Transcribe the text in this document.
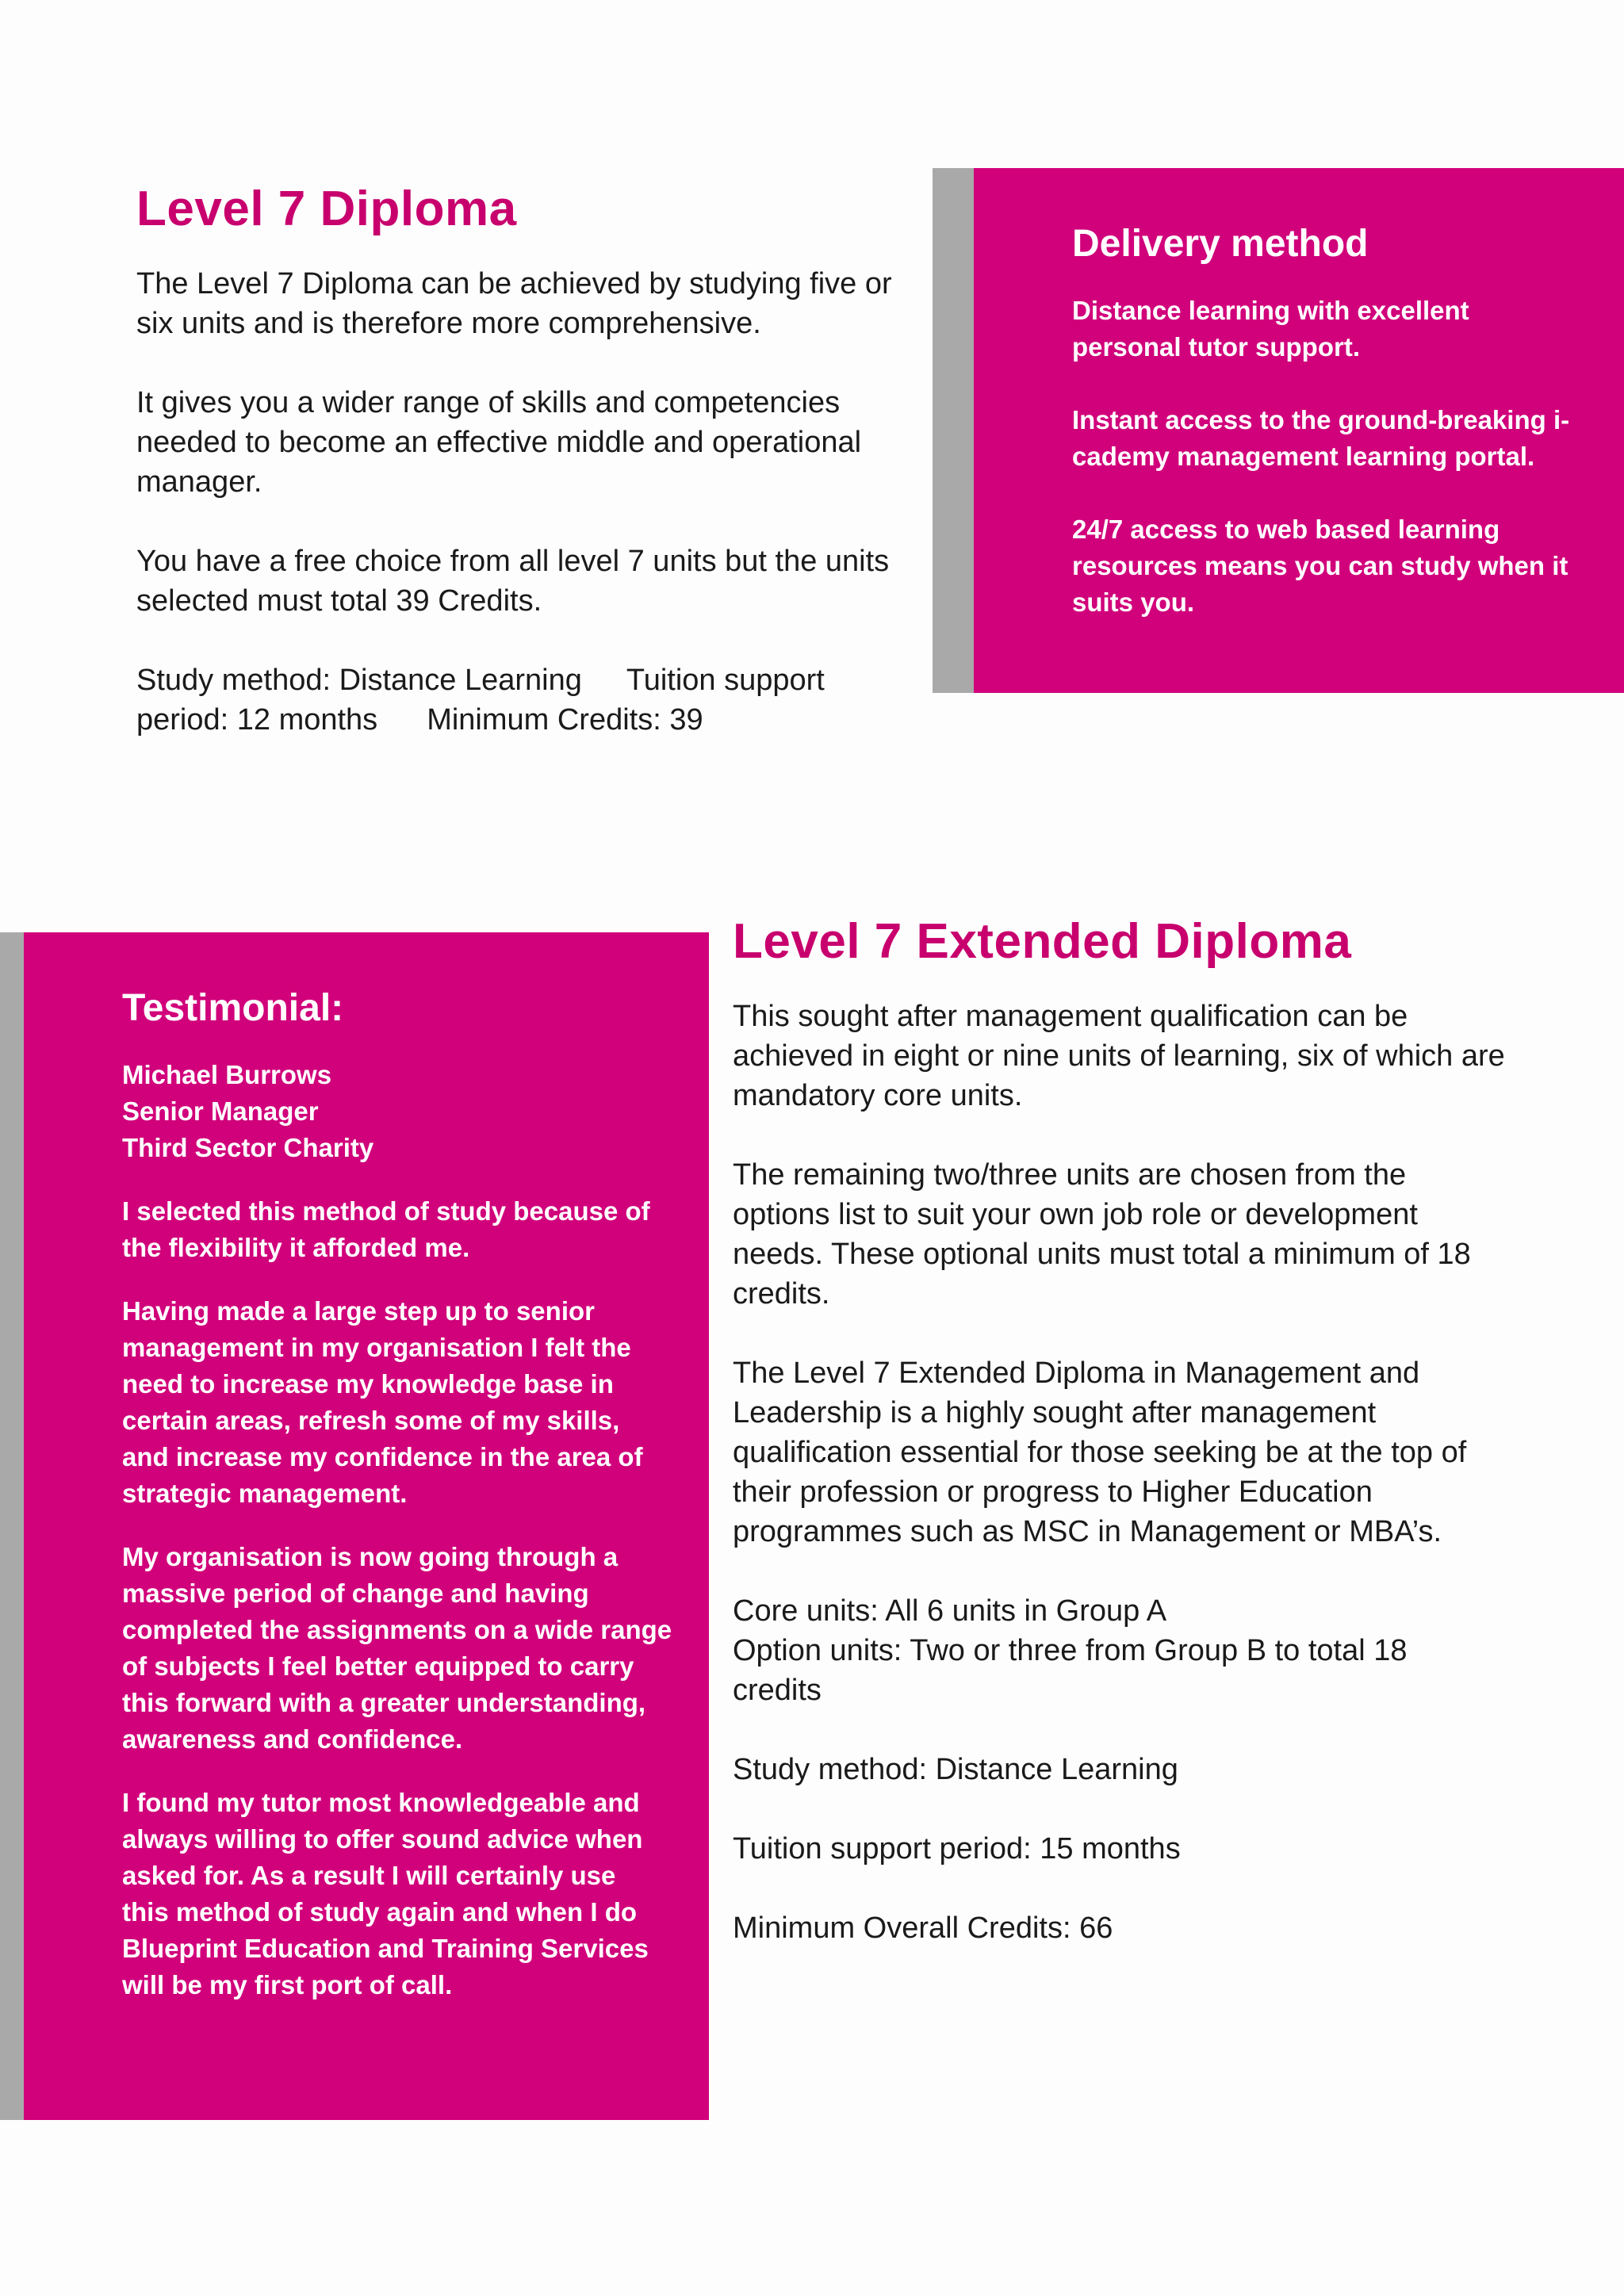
Level 7 Diploma

The Level 7 Diploma can be achieved by studying five or six units and is therefore more comprehensive.

It gives you a wider range of skills and competencies needed to become an effective middle and operational manager.

You have a free choice from all level 7 units but the units selected must total 39 Credits.

Study method: Distance Learning Tuition support
period: 12 months Minimum Credits: 39

Delivery method

Distance learning with excellent personal tutor support.

Instant access to the ground-breaking i-cademy management learning portal.

24/7 access to web based learning resources means you can study when it suits you.

Testimonial:

Michael Burrows

Senior Manager

Third Sector Charity

I selected this method of study because of the flexibility it afforded me.

Having made a large step up to senior management in my organisation I felt the need to increase my knowledge base in certain areas, refresh some of my skills, and increase my confidence in the area of strategic management.

My organisation is now going through a massive period of change and having completed the assignments on a wide range of subjects I feel better equipped to carry this forward with a greater understanding, awareness and confidence.

I found my tutor most knowledgeable and always willing to offer sound advice when asked for. As a result I will certainly use this method of study again and when I do Blueprint Education and Training Services will be my first port of call.

Level 7 Extended Diploma

This sought after management qualification can be achieved in eight or nine units of learning, six of which are mandatory core units.

The remaining two/three units are chosen from the options list to suit your own job role or development needs. These optional units must total a minimum of 18 credits.

The Level 7 Extended Diploma in Management and Leadership is a highly sought after management qualification essential for those seeking be at the top of their profession or progress to Higher Education programmes such as MSC in Management or MBA’s.

Core units: All 6 units in Group A
Option units: Two or three from Group B to total 18 credits

Study method: Distance Learning

Tuition support period: 15 months

Minimum Overall Credits: 66
